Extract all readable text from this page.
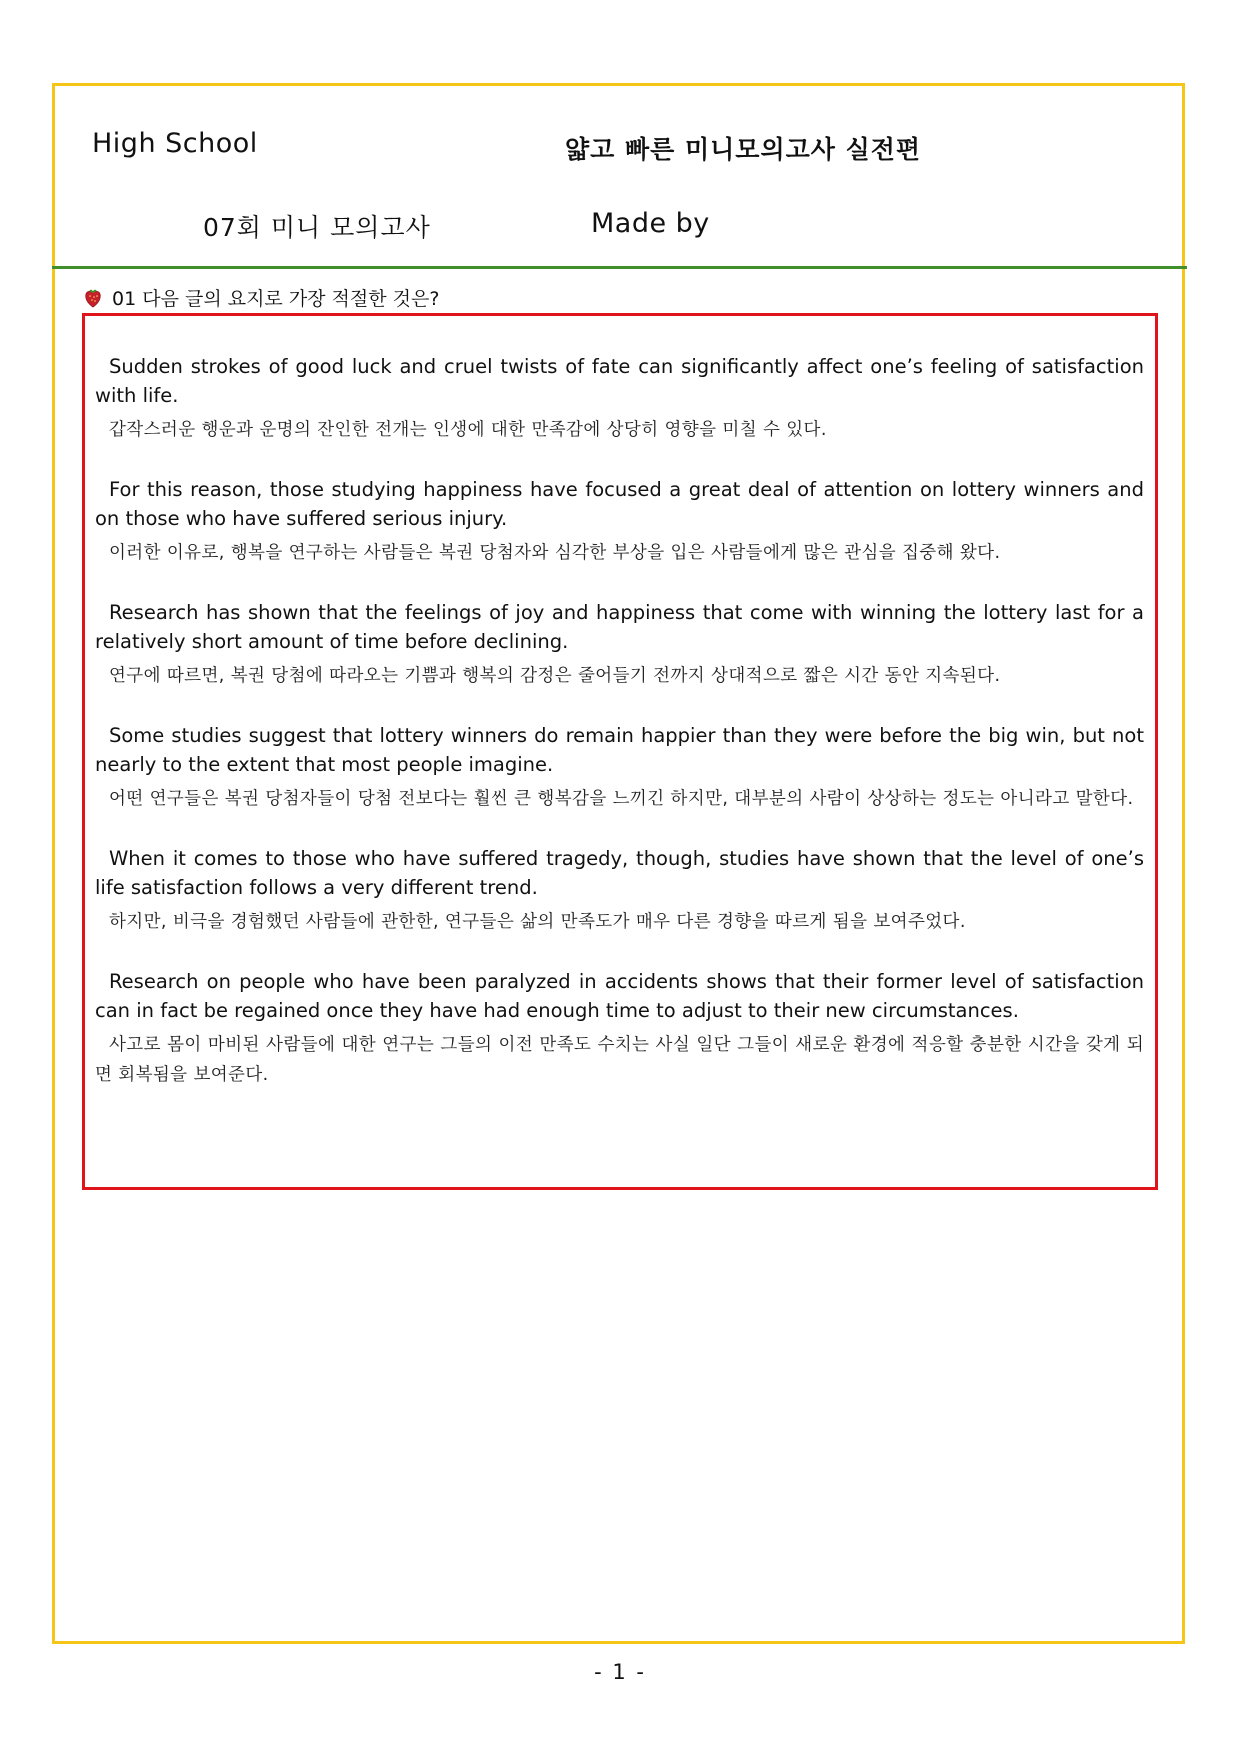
High School	얇고 빠른 미니모의고사 실전편
07회 미니 모의고사	Made by
01 다음 글의 요지로 가장 적절한 것은?

Sudden strokes of good luck and cruel twists of fate can significantly affect one’s feeling of satisfaction with life.

갑작스러운 행운과 운명의 잔인한 전개는 인생에 대한 만족감에 상당히 영향을 미칠 수 있다.

For this reason, those studying happiness have focused a great deal of attention on lottery winners and on those who have suffered serious injury.

이러한 이유로, 행복을 연구하는 사람들은 복권 당첨자와 심각한 부상을 입은 사람들에게 많은 관심을 집중해 왔다.

Research has shown that the feelings of joy and happiness that come with winning the lottery last for a relatively short amount of time before declining.

연구에 따르면, 복권 당첨에 따라오는 기쁨과 행복의 감정은 줄어들기 전까지 상대적으로 짧은 시간 동안 지속된다.

Some studies suggest that lottery winners do remain happier than they were before the big win, but not nearly to the extent that most people imagine.

어떤 연구들은 복권 당첨자들이 당첨 전보다는 훨씬 큰 행복감을 느끼긴 하지만, 대부분의 사람이 상상하는 정도는 아니라고 말한다.

When it comes to those who have suffered tragedy, though, studies have shown that the level of one’s life satisfaction follows a very different trend.

하지만, 비극을 경험했던 사람들에 관한한, 연구들은 삶의 만족도가 매우 다른 경향을 따르게 됨을 보여주었다.

Research on people who have been paralyzed in accidents shows that their former level of satisfaction can in fact be regained once they have had enough time to adjust to their new circumstances.

사고로 몸이 마비된 사람들에 대한 연구는 그들의 이전 만족도 수치는 사실 일단 그들이 새로운 환경에 적응할 충분한 시간을 갖게 되면 회복됨을 보여준다.

- 1 -
